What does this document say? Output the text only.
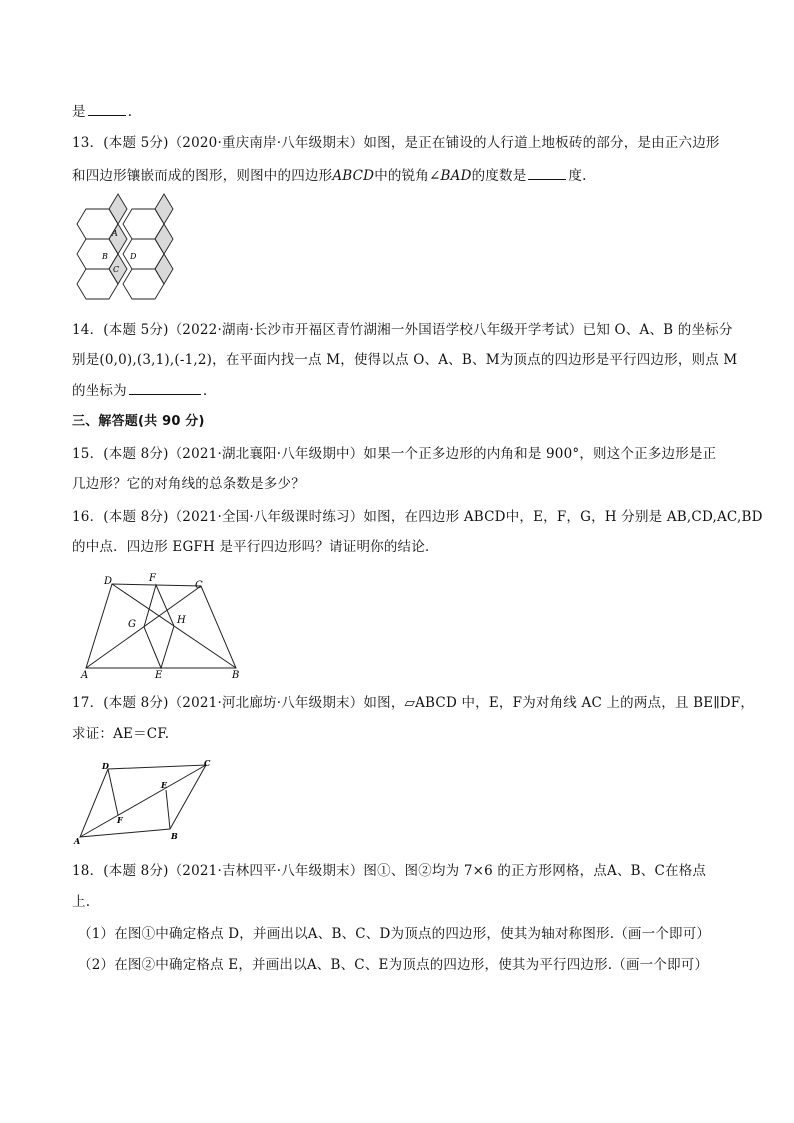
是	.
13．(本题 5分)（2020·重庆南岸·八年级期末）如图，是正在铺设的人行道上地板砖的部分，是由正六边形
和四边形镶嵌而成的图形，则图中的四边形ABCD中的锐角∠BAD的度数是	度.
A
B
C
D
14．(本题 5分)（2022·湖南·长沙市开福区青竹湖湘一外国语学校八年级开学考试）已知 O、A、B 的坐标分
别是(0,0),(3,1),(-1,2)，在平面内找一点 M，使得以点 O、A、B、M为顶点的四边形是平行四边形，则点 M
的坐标为	.
三、解答题(共 90 分)
15．(本题 8分)（2021·湖北襄阳·八年级期中）如果一个正多边形的内角和是 900°，则这个正多边形是正
几边形？它的对角线的总条数是多少？
16．(本题 8分)（2021·全国·八年级课时练习）如图，在四边形 ABCD中，E，F，G，H 分别是 AB,CD,AC,BD
的中点．四边形 EGFH 是平行四边形吗？请证明你的结论．
D	F
C
G	H
A	E	B
17．(本题 8分)（2021·河北廊坊·八年级期末）如图，▱ABCD 中，E，F为对角线 AC 上的两点，且 BE∥DF，
求证：AE＝CF.
D	C
E
F
A	B
18．(本题 8分)（2021·吉林四平·八年级期末）图①、图②均为 7×6 的正方形网格，点A、B、C在格点
上.
（1）在图①中确定格点 D，并画出以A、B、C、D为顶点的四边形，使其为轴对称图形.（画一个即可）
（2）在图②中确定格点 E，并画出以A、B、C、E为顶点的四边形，使其为平行四边形.（画一个即可）
